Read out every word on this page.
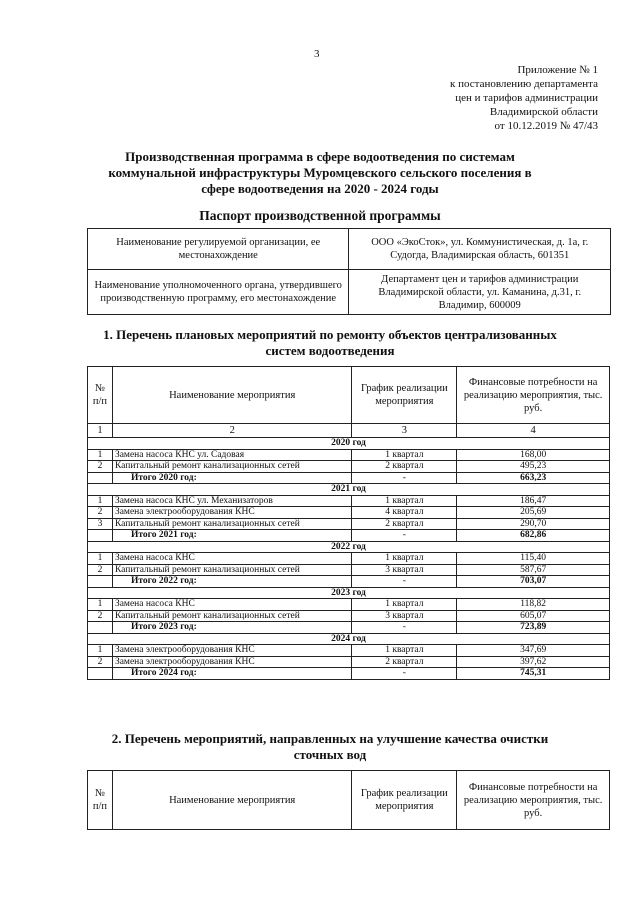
3
Приложение № 1
к постановлению департамента
цен и тарифов администрации
Владимирской области
от 10.12.2019 № 47/43
Производственная программа в сфере водоотведения по системам
коммунальной инфраструктуры Муромцевского сельского поселения в
сфере водоотведения на 2020 - 2024 годы
Паспорт производственной программы
Наименование регулируемой организации, ее местонахождение	ООО «ЭкоСток», ул. Коммунистическая, д. 1а, г. Судогда, Владимирская область, 601351
Наименование уполномоченного органа, утвердившего производственную программу, его местонахождение	Департамент цен и тарифов администрации Владимирской области, ул. Каманина, д.31, г. Владимир, 600009
1. Перечень плановых мероприятий по ремонту объектов централизованных
систем водоотведения
№ п/п	Наименование мероприятия	График реализации мероприятия	Финансовые потребности на реализацию мероприятия, тыс. руб.
1	2	3	4
2020 год			
1	Замена насоса КНС ул. Садовая	1 квартал	168,00
2	Капитальный ремонт канализационных сетей	2 квартал	495,23
	Итого 2020 год:	-	663,23
2021 год			
1	Замена насоса КНС ул. Механизаторов	1 квартал	186,47
2	Замена электрооборудования КНС	4 квартал	205,69
3	Капитальный ремонт канализационных сетей	2 квартал	290,70
	Итого 2021 год:	-	682,86
2022 год			
1	Замена насоса КНС	1 квартал	115,40
2	Капитальный ремонт канализационных сетей	3 квартал	587,67
	Итого 2022 год:	-	703,07
2023 год			
1	Замена насоса КНС	1 квартал	118,82
2	Капитальный ремонт канализационных сетей	3 квартал	605,07
	Итого 2023 год:	-	723,89
2024 год			
1	Замена электрооборудования КНС	1 квартал	347,69
2	Замена электрооборудования КНС	2 квартал	397,62
	Итого 2024 год:	-	745,31
2. Перечень мероприятий, направленных на улучшение качества очистки
сточных вод
№ п/п	Наименование мероприятия	График реализации мероприятия	Финансовые потребности на реализацию мероприятия, тыс. руб.
